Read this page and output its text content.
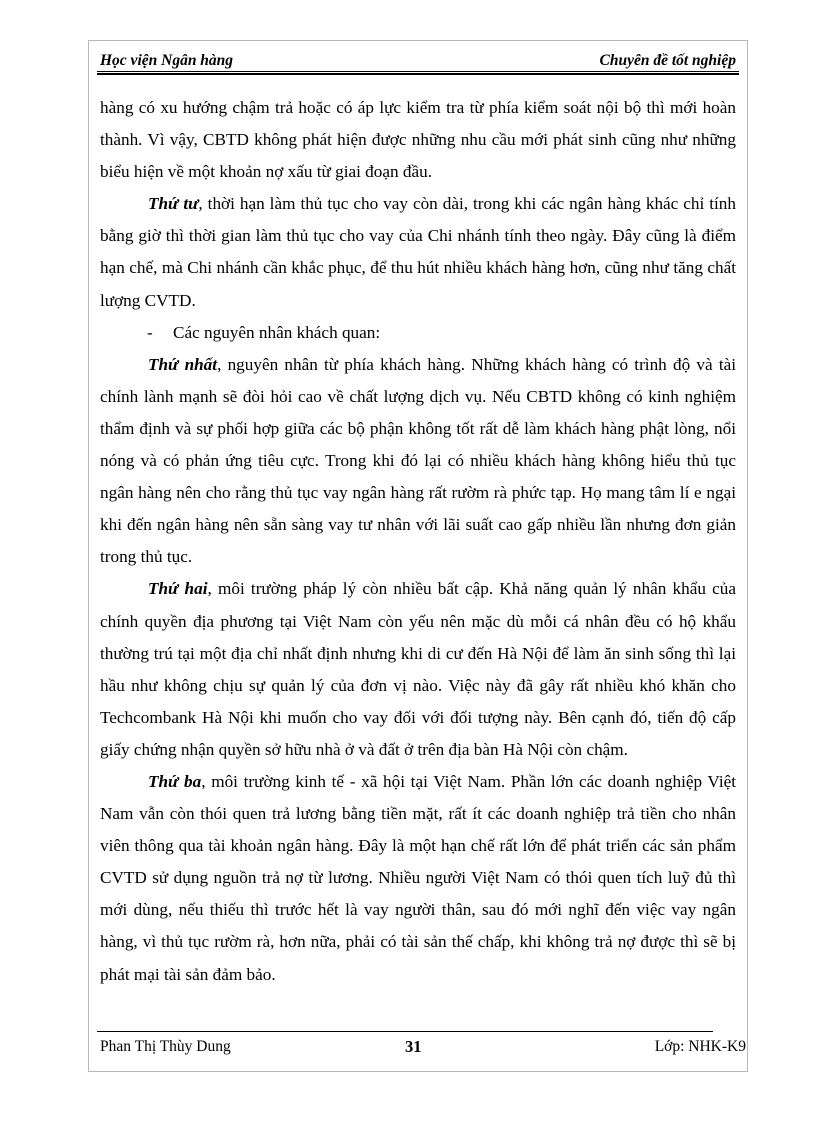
Học viện Ngân hàng	Chuyên đề tốt nghiệp

hàng có xu hướng chậm trả hoặc có áp lực kiểm tra từ phía kiểm soát nội bộ thì mới hoàn thành. Vì vậy, CBTD không phát hiện được những nhu cầu mới phát sinh cũng như những biểu hiện về một khoản nợ xấu từ giai đoạn đầu.

Thứ tư, thời hạn làm thủ tục cho vay còn dài, trong khi các ngân hàng khác chỉ tính bằng giờ thì thời gian làm thủ tục cho vay của Chi nhánh tính theo ngày. Đây cũng là điểm hạn chế, mà Chi nhánh cần khắc phục, để thu hút nhiều khách hàng hơn, cũng như tăng chất lượng CVTD.

- Các nguyên nhân khách quan:

Thứ nhất, nguyên nhân từ phía khách hàng. Những khách hàng có trình độ và tài chính lành mạnh sẽ đòi hỏi cao về chất lượng dịch vụ. Nếu CBTD không có kinh nghiệm thẩm định và sự phối hợp giữa các bộ phận không tốt rất dễ làm khách hàng phật lòng, nổi nóng và có phản ứng tiêu cực. Trong khi đó lại có nhiều khách hàng không hiểu thủ tục ngân hàng nên cho rằng thủ tục vay ngân hàng rất rườm rà phức tạp. Họ mang tâm lí e ngại khi đến ngân hàng nên sẵn sàng vay tư nhân với lãi suất cao gấp nhiều lần nhưng đơn giản trong thủ tục.

Thứ hai, môi trường pháp lý còn nhiều bất cập. Khả năng quản lý nhân khẩu của chính quyền địa phương tại Việt Nam còn yếu nên mặc dù mỗi cá nhân đều có hộ khẩu thường trú tại một địa chỉ nhất định nhưng khi di cư đến Hà Nội để làm ăn sinh sống thì lại hầu như không chịu sự quản lý của đơn vị nào. Việc này đã gây rất nhiều khó khăn cho Techcombank Hà Nội khi muốn cho vay đối với đối tượng này. Bên cạnh đó, tiến độ cấp giấy chứng nhận quyền sở hữu nhà ở và đất ở trên địa bàn Hà Nội còn chậm.

Thứ ba, môi trường kinh tế - xã hội tại Việt Nam. Phần lớn các doanh nghiệp Việt Nam vẫn còn thói quen trả lương bằng tiền mặt, rất ít các doanh nghiệp trả tiền cho nhân viên thông qua tài khoản ngân hàng. Đây là một hạn chế rất lớn để phát triển các sản phẩm CVTD sử dụng nguồn trả nợ từ lương. Nhiều người Việt Nam có thói quen tích luỹ đủ thì mới dùng, nếu thiếu thì trước hết là vay người thân, sau đó mới nghĩ đến việc vay ngân hàng, vì thủ tục rườm rà, hơn nữa, phải có tài sản thế chấp, khi không trả nợ được thì sẽ bị phát mại tài sản đảm bảo.

Phan Thị Thùy Dung	31	Lớp: NHK-K9
